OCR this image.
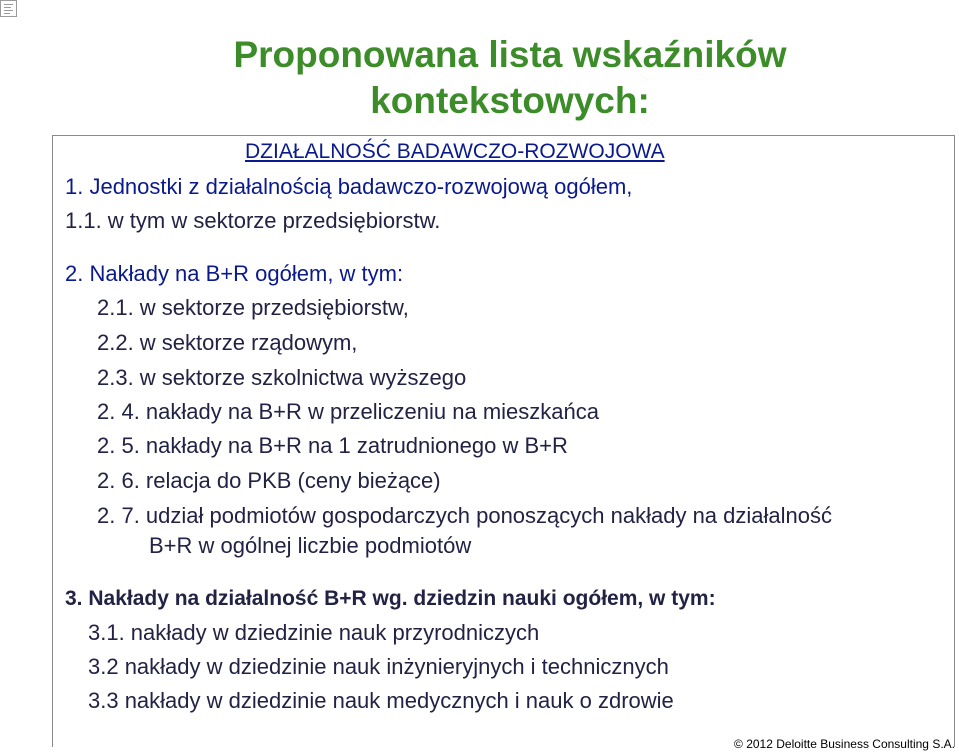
Proponowana lista wskaźników
kontekstowych:
DZIAŁALNOŚĆ BADAWCZO-ROZWOJOWA
1. Jednostki z działalnością badawczo-rozwojową ogółem,
1.1. w tym w sektorze przedsiębiorstw.
2. Nakłady na B+R ogółem, w tym:
2.1. w sektorze przedsiębiorstw,
2.2. w sektorze rządowym,
2.3. w sektorze szkolnictwa wyższego
2. 4. nakłady na B+R w przeliczeniu na mieszkańca
2. 5. nakłady na B+R na 1 zatrudnionego w B+R
2. 6. relacja do PKB (ceny bieżące)
2. 7. udział podmiotów gospodarczych ponoszących nakłady na działalność
B+R w ogólnej liczbie podmiotów
3. Nakłady na działalność B+R wg. dziedzin nauki ogółem, w tym:
3.1. nakłady w dziedzinie nauk przyrodniczych
3.2 nakłady w dziedzinie nauk inżynieryjnych i technicznych
3.3 nakłady w dziedzinie nauk medycznych i nauk o zdrowie
© 2012 Deloitte Business Consulting S.A.
